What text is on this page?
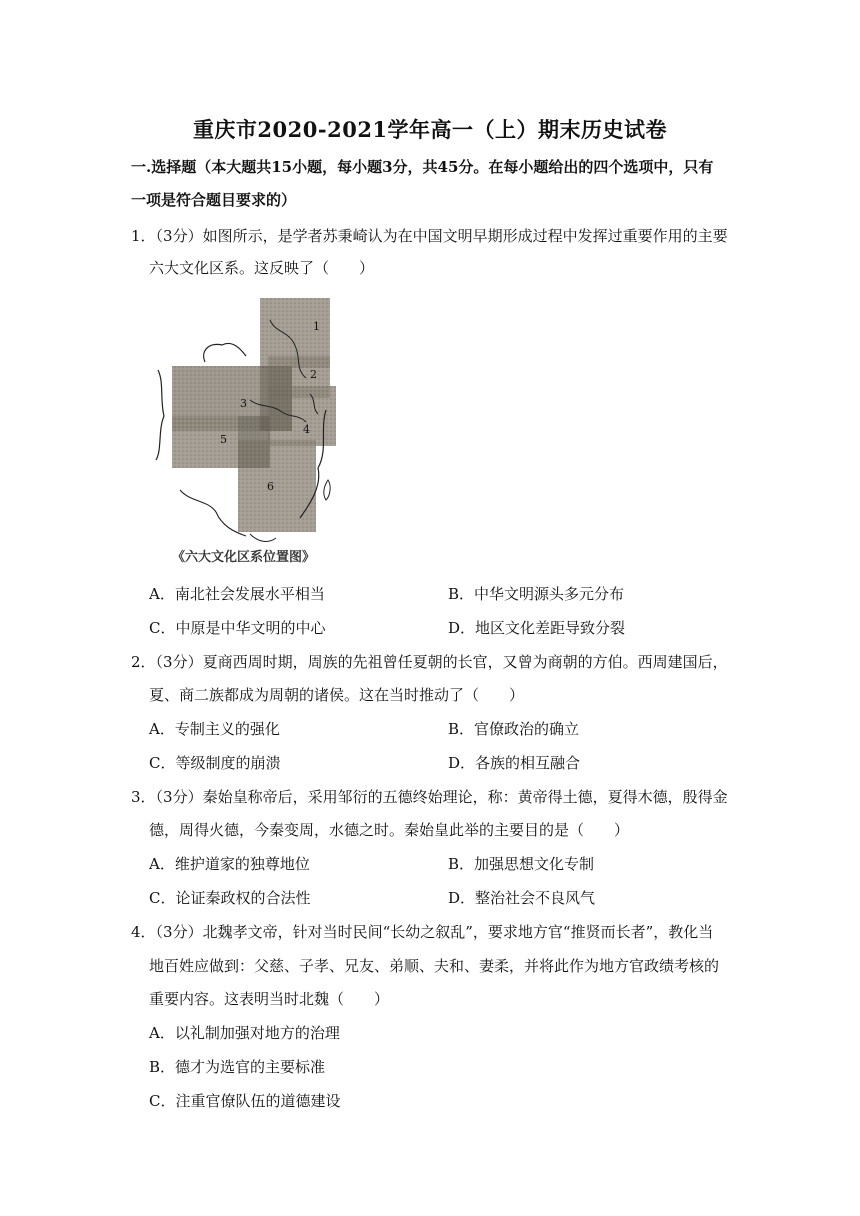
重庆市2020-2021学年高一（上）期末历史试卷
一.选择题（本大题共15小题，每小题3分，共45分。在每小题给出的四个选项中，只有
一项是符合题目要求的）
1．（3分）如图所示，是学者苏秉崎认为在中国文明早期形成过程中发挥过重要作用的主要
六大文化区系。这反映了（　　）
1
2
3
4
5
6
《六大文化区系位置图》
A．南北社会发展水平相当	B．中华文明源头多元分布
C．中原是中华文明的中心	D．地区文化差距导致分裂
2．（3分）夏商西周时期，周族的先祖曾任夏朝的长官，又曾为商朝的方伯。西周建国后，
夏、商二族都成为周朝的诸侯。这在当时推动了（　　）
A．专制主义的强化	B．官僚政治的确立
C．等级制度的崩溃	D．各族的相互融合
3．（3分）秦始皇称帝后，采用邹衍的五德终始理论，称：黄帝得土德，夏得木德，殷得金
德，周得火德，今秦变周，水德之时。秦始皇此举的主要目的是（　　）
A．维护道家的独尊地位	B．加强思想文化专制
C．论证秦政权的合法性	D．整治社会不良风气
4．（3分）北魏孝文帝，针对当时民间“长幼之叙乱”，要求地方官“推贤而长者”，教化当
地百姓应做到：父慈、子孝、兄友、弟顺、夫和、妻柔，并将此作为地方官政绩考核的
重要内容。这表明当时北魏（　　）
A．以礼制加强对地方的治理
B．德才为选官的主要标准
C．注重官僚队伍的道德建设
